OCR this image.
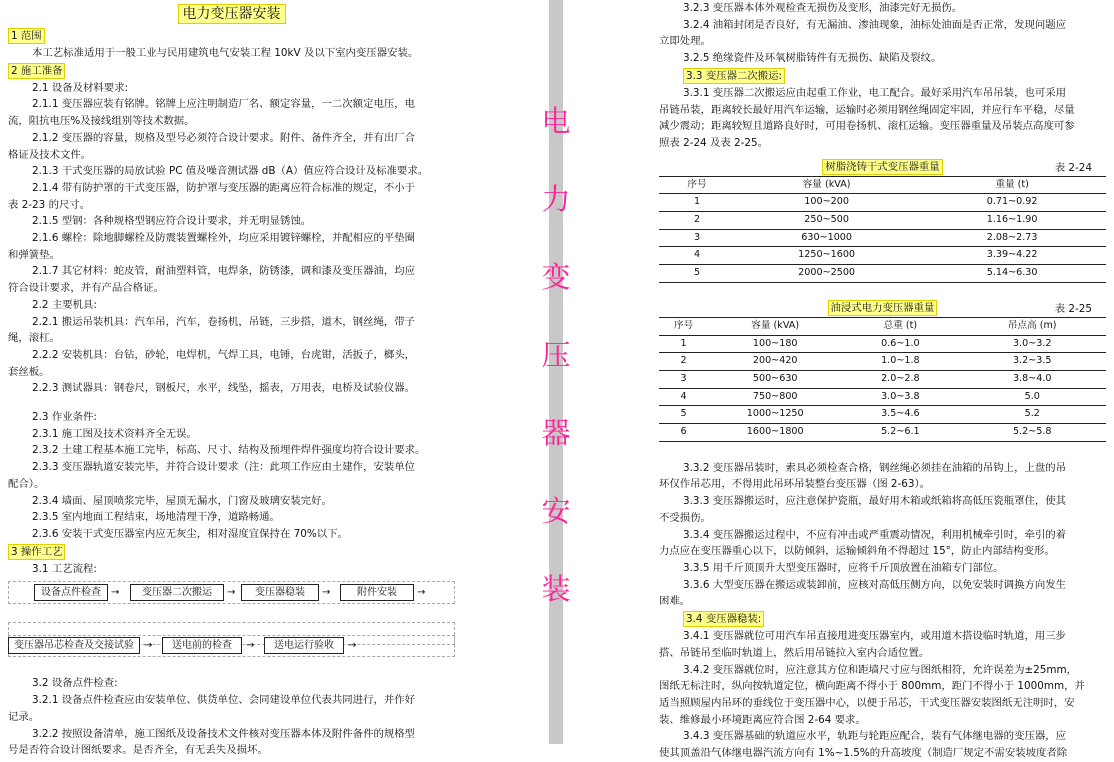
电力变压器安装
1 范围
本工艺标准适用于一般工业与民用建筑电气安装工程 10kV 及以下室内变压器安装。
2 施工准备
2.1 设备及材料要求:
2.1.1 变压器应装有铭牌。铭牌上应注明制造厂名、额定容量，一二次额定电压，电
流，阻抗电压%及接线组别等技术数据。
2.1.2 变压器的容量，规格及型号必须符合设计要求。附件、备件齐全，并有出厂合
格证及技术文件。
2.1.3 干式变压器的局放试验 PC 值及噪音测试器 dB（A）值应符合设计及标准要求。
2.1.4 带有防护罩的干式变压器，防护罩与变压器的距离应符合标准的规定，不小于
表 2-23 的尺寸。
2.1.5 型钢：各种规格型钢应符合设计要求，并无明显锈蚀。
2.1.6 螺栓：除地脚螺栓及防震装置螺栓外，均应采用镀锌螺栓，并配相应的平垫圈
和弹簧垫。
2.1.7 其它材料：蛇皮管，耐油塑料管，电焊条，防锈漆，调和漆及变压器油，均应
符合设计要求，并有产品合格证。
2.2 主要机具:
2.2.1 搬运吊装机具：汽车吊，汽车，卷扬机，吊链，三步搭，道木，钢丝绳，带子
绳，滚杠。
2.2.2 安装机具：台钻，砂轮，电焊机，气焊工具，电锤，台虎钳，活扳子，榔头，
套丝板。
2.2.3 测试器具：钢卷尺，钢板尺，水平，线坠，摇表，万用表，电桥及试验仪器。
2.3 作业条件:
2.3.1 施工图及技术资料齐全无误。
2.3.2 土建工程基本施工完毕，标高、尺寸、结构及预埋件焊件强度均符合设计要求。
2.3.3 变压器轨道安装完毕，并符合设计要求（注：此项工作应由土建作，安装单位
配合）。
2.3.4 墙面、屋顶喷浆完毕，屋顶无漏水，门窗及玻璃安装完好。
2.3.5 室内地面工程结束，场地清理干净，道路畅通。
2.3.6 安装干式变压器室内应无灰尘，相对湿度宜保持在 70%以下。
3 操作工艺
3.1 工艺流程:
设备点件检查	→	变压器二次搬运	→	变压器稳装	→	附件安装	→
变压器吊芯检查及交接试验	→	送电前的检查	→	送电运行验收	→
3.2 设备点件检查:
3.2.1 设备点件检查应由安装单位、供货单位、会同建设单位代表共同进行，并作好
记录。
3.2.2 按照设备清单，施工图纸及设备技术文件核对变压器本体及附件备件的规格型
号是否符合设计图纸要求。是否齐全，有无丢失及损坏。
电
力
变
压
器
安
装
3.2.3 变压器本体外观检查无损伤及变形，油漆完好无损伤。
3.2.4 油箱封闭是否良好，有无漏油、渗油现象，油标处油面是否正常，发现问题应
立即处理。
3.2.5 绝缘瓷件及环氧树脂铸件有无损伤、缺陷及裂纹。
3.3 变压器二次搬运:
3.3.1 变压器二次搬运应由起重工作业，电工配合。最好采用汽车吊吊装，也可采用
吊链吊装，距离较长最好用汽车运输，运输时必须用钢丝绳固定牢固，并应行车平稳，尽量
减少震动；距离较短且道路良好时，可用卷扬机、滚杠运输。变压器重量及吊装点高度可参
照表 2-24 及表 2-25。
树脂浇铸干式变压器重量	表 2-24
序号	容量 (kVA)	重量 (t)
1	100~200	0.71~0.92
2	250~500	1.16~1.90
3	630~1000	2.08~2.73
4	1250~1600	3.39~4.22
5	2000~2500	5.14~6.30
油浸式电力变压器重量	表 2-25
序号	容量 (kVA)	总重 (t)	吊点高 (m)
1	100~180	0.6~1.0	3.0~3.2
2	200~420	1.0~1.8	3.2~3.5
3	500~630	2.0~2.8	3.8~4.0
4	750~800	3.0~3.8	5.0
5	1000~1250	3.5~4.6	5.2
6	1600~1800	5.2~6.1	5.2~5.8
3.3.2 变压器吊装时，索具必须检查合格，钢丝绳必须挂在油箱的吊钩上，上盘的吊
环仅作吊芯用，不得用此吊环吊装整台变压器（图 2-63）。
3.3.3 变压器搬运时，应注意保护瓷瓶，最好用木箱或纸箱将高低压瓷瓶罩住，使其
不受损伤。
3.3.4 变压器搬运过程中，不应有冲击或严重震动情况，利用机械牵引时，牵引的着
力点应在变压器重心以下，以防倾斜，运输倾斜角不得超过 15°，防止内部结构变形。
3.3.5 用千斤顶顶升大型变压器时，应将千斤顶放置在油箱专门部位。
3.3.6 大型变压器在搬运或装卸前，应核对高低压侧方向，以免安装时调换方向发生
困难。
3.4 变压器稳装:
3.4.1 变压器就位可用汽车吊直接甩进变压器室内，或用道木搭设临时轨道，用三步
搭、吊链吊至临时轨道上，然后用吊链拉入室内合适位置。
3.4.2 变压器就位时，应注意其方位和距墙尺寸应与图纸相符，允许误差为±25mm，
图纸无标注时，纵向按轨道定位，横向距离不得小于 800mm，距门不得小于 1000mm，并
适当照顾屋内吊环的垂线位于变压器中心，以便于吊芯，干式变压器安装图纸无注明时，安
装、维修最小环境距离应符合图 2-64 要求。
3.4.3 变压器基础的轨道应水平，轨距与轮距应配合，装有气体继电器的变压器，应
使其顶盖沿气体继电器汽流方向有 1%~1.5%的升高坡度（制造厂规定不需安装坡度者除
